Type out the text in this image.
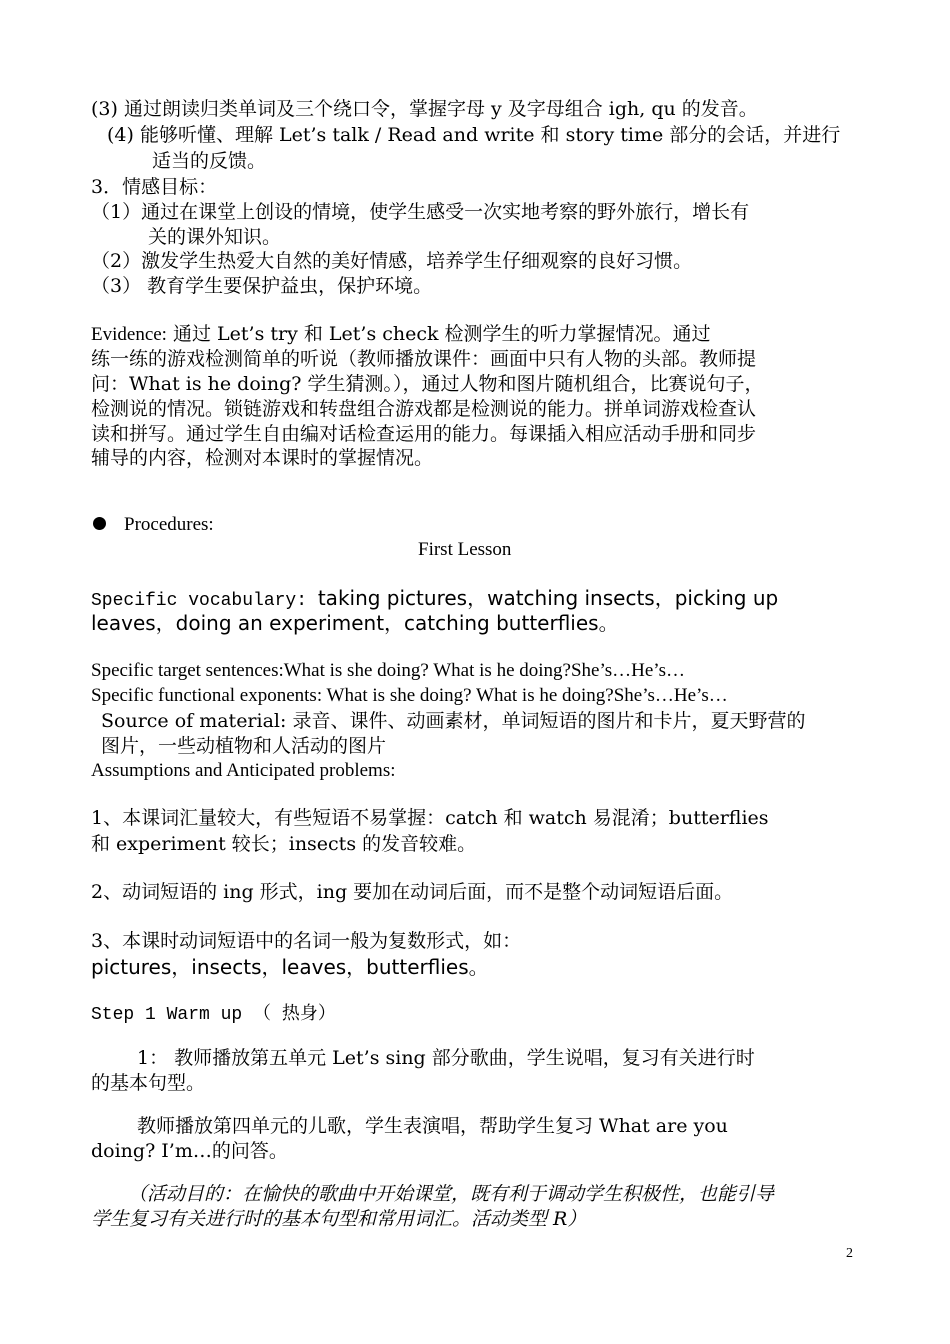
(3) 通过朗读归类单词及三个绕口令，掌握字母 y 及字母组合 igh, qu 的发音。
(4) 能够听懂、理解 Let’s talk / Read and write 和 story time 部分的会话，并进行
适当的反馈。
3．情感目标：
（1）通过在课堂上创设的情境，使学生感受一次实地考察的野外旅行，增长有
关的课外知识。
（2）激发学生热爱大自然的美好情感，培养学生仔细观察的良好习惯。
（3） 教育学生要保护益虫，保护环境。
Evidence: 通过 Let’s try 和 Let’s check 检测学生的听力掌握情况。通过
练一练的游戏检测简单的听说（教师播放课件：画面中只有人物的头部。教师提
问：What is he doing? 学生猜测。），通过人物和图片随机组合，比赛说句子，
检测说的情况。锁链游戏和转盘组合游戏都是检测说的能力。拼单词游戏检查认
读和拼写。通过学生自由编对话检查运用的能力。每课插入相应活动手册和同步
辅导的内容，检测对本课时的掌握情况。
Procedures:
First Lesson
Specific vocabulary: taking pictures，watching insects，picking up
leaves，doing an experiment，catching butterflies。
Specific target sentences:What is she doing? What is he doing?She’s…He’s…
Specific functional exponents: What is she doing? What is he doing?She’s…He’s…
Source of material: 录音、课件、动画素材，单词短语的图片和卡片，夏天野营的
图片，一些动植物和人活动的图片
Assumptions and Anticipated problems:
1、本课词汇量较大，有些短语不易掌握：catch 和 watch 易混淆；butterflies
和 experiment 较长；insects 的发音较难。
2、动词短语的 ing 形式，ing 要加在动词后面，而不是整个动词短语后面。
3、本课时动词短语中的名词一般为复数形式，如：
pictures，insects，leaves，butterflies。
Step 1 Warm up （ 热身）
1： 教师播放第五单元 Let’s sing 部分歌曲，学生说唱，复习有关进行时
的基本句型。
教师播放第四单元的儿歌，学生表演唱，帮助学生复习 What are you
doing? I’m…的问答。
（活动目的：在愉快的歌曲中开始课堂，既有利于调动学生积极性，也能引导
学生复习有关进行时的基本句型和常用词汇。活动类型 R）
2
